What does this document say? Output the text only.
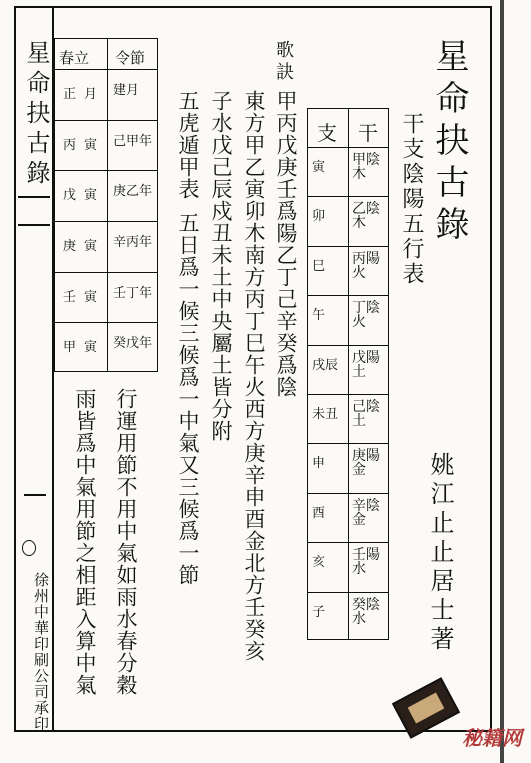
星命抉古錄
徐州中華印刷公司承印
星命抉古錄
干支陰陽五行表
姚江止止居士著
干
支
甲陰木
寅
乙陰木
卯
丙陽火
巳
丁陰火
午
戊陽土
戌辰
己陰土
未丑
庚陽金
申
辛陰金
酉
壬陽水
亥
癸陰水
子
歌訣
甲丙戊庚壬爲陽乙丁己辛癸爲陰
東方甲乙寅卯木南方丙丁巳午火西方庚辛申酉金北方壬癸亥
子水戊己辰戍丑未土中央屬土皆分附
五虎遁甲表
五日爲一候三候爲一中氣又三候爲一節
行運用節不用中氣如雨水春分穀
雨皆爲中氣用節之相距入算中氣
春立 令節
正月 建月
丙寅 己甲年
戊寅 庚乙年
庚寅 辛丙年
壬寅 壬丁年
甲寅 癸戊年
秘籍网
